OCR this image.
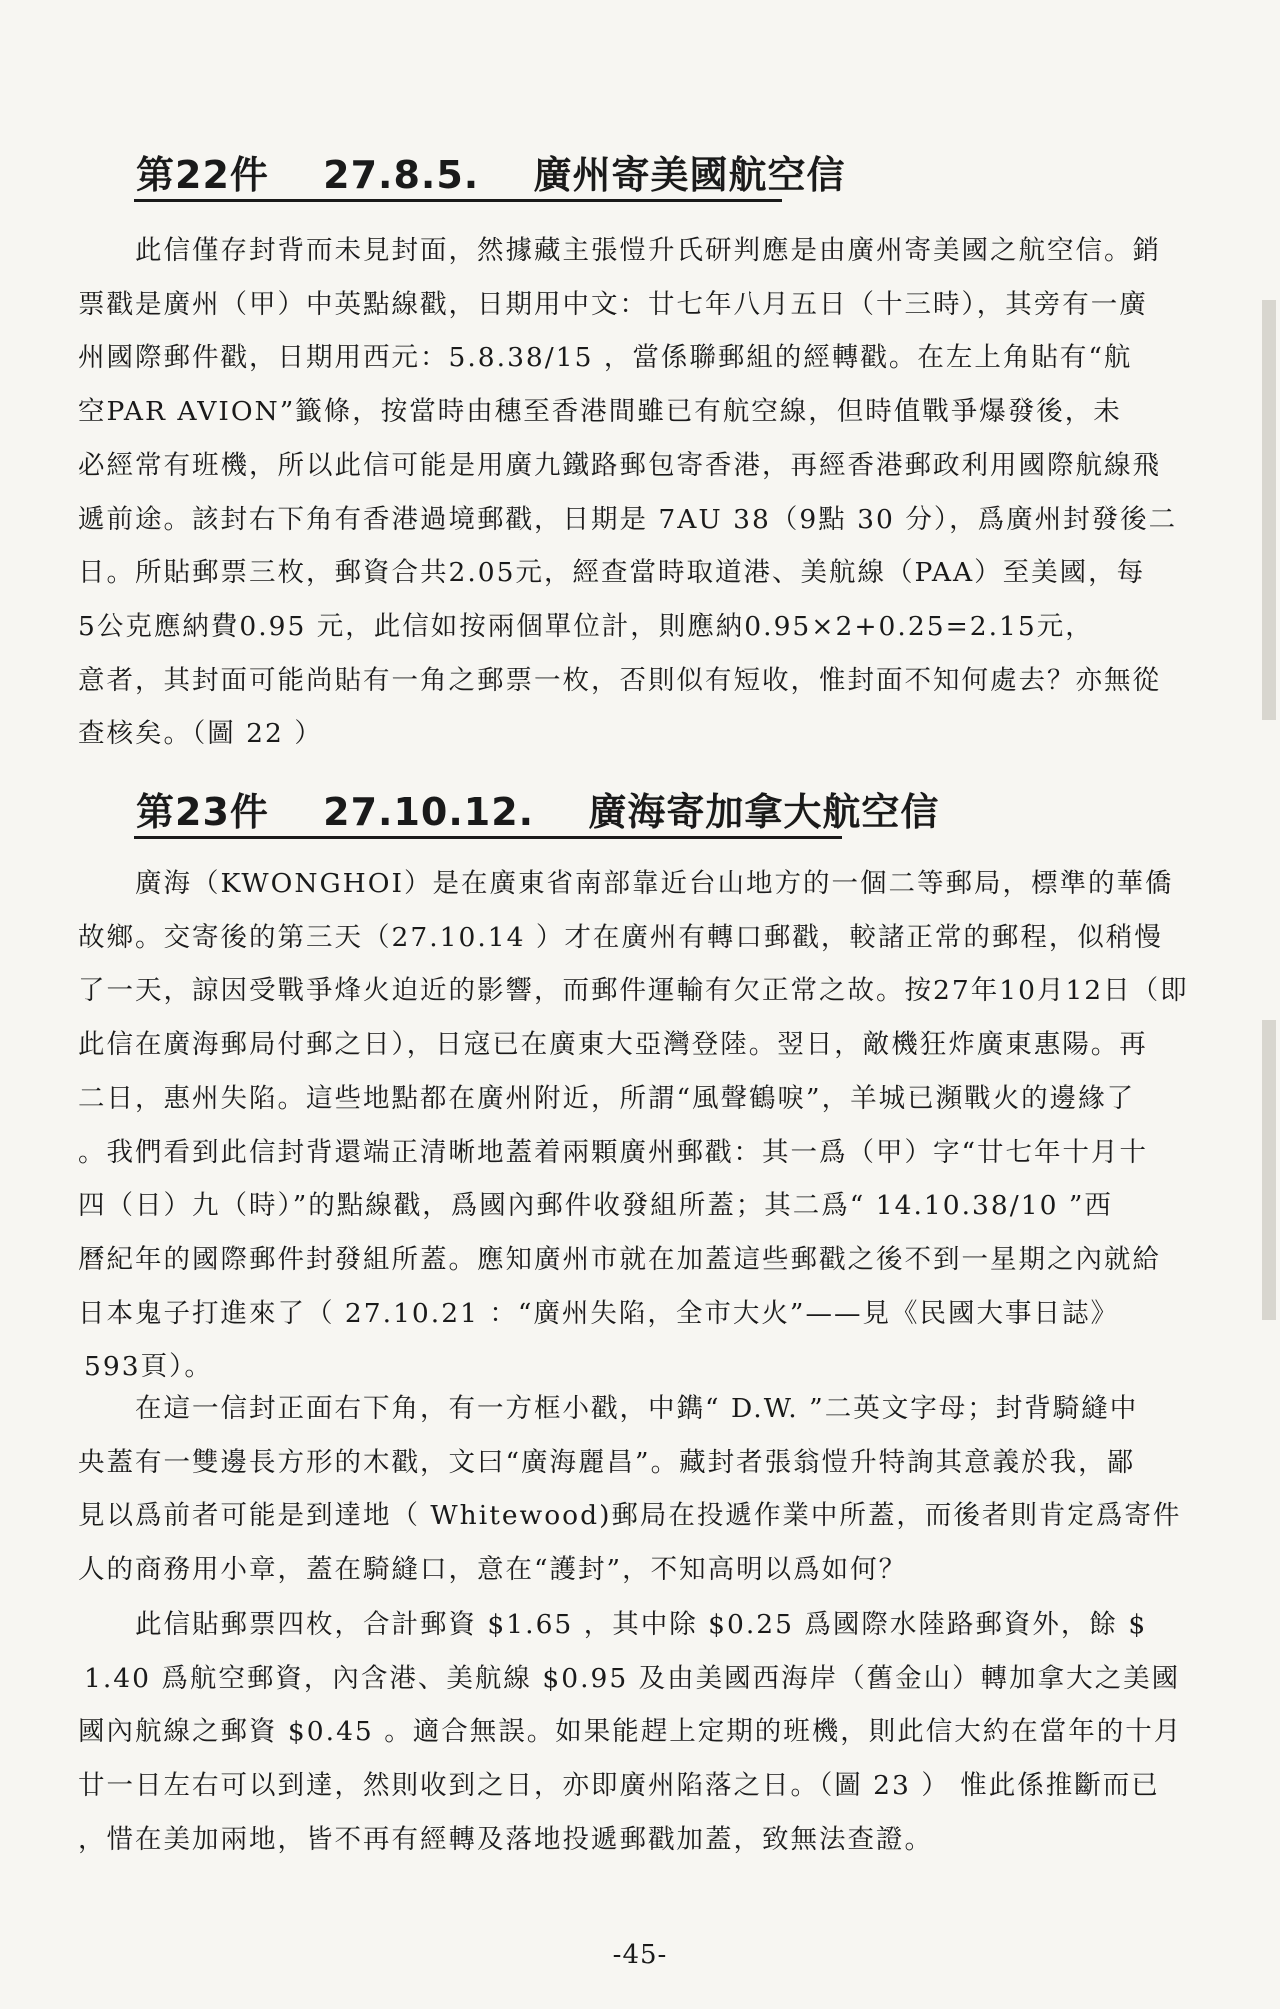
第22件 27.8.5. 廣州寄美國航空信
此信僅存封背而未見封面，然據藏主張愷升氏研判應是由廣州寄美國之航空信。銷
票戳是廣州（甲）中英點線戳，日期用中文：廿七年八月五日（十三時），其旁有一廣
州國際郵件戳，日期用西元：5.8.38/15 ，當係聯郵組的經轉戳。在左上角貼有“航
空PAR AVION”籤條，按當時由穗至香港間雖已有航空線，但時值戰爭爆發後，未
必經常有班機，所以此信可能是用廣九鐵路郵包寄香港，再經香港郵政利用國際航線飛
遞前途。該封右下角有香港過境郵戳，日期是 7AU 38（9點 30 分），爲廣州封發後二
日。所貼郵票三枚，郵資合共2.05元，經查當時取道港、美航線（PAA）至美國，每
5公克應納費0.95 元，此信如按兩個單位計，則應納0.95×2+0.25=2.15元，
意者，其封面可能尚貼有一角之郵票一枚，否則似有短收，惟封面不知何處去？亦無從
查核矣。（圖 22 ）
第23件 27.10.12. 廣海寄加拿大航空信
廣海（KWONGHOI）是在廣東省南部靠近台山地方的一個二等郵局，標準的華僑
故鄉。交寄後的第三天（27.10.14 ）才在廣州有轉口郵戳，較諸正常的郵程，似稍慢
了一天，諒因受戰爭烽火迫近的影響，而郵件運輸有欠正常之故。按27年10月12日（即
此信在廣海郵局付郵之日），日寇已在廣東大亞灣登陸。翌日，敵機狂炸廣東惠陽。再
二日，惠州失陷。這些地點都在廣州附近，所謂“風聲鶴唳”，羊城已瀕戰火的邊緣了
。我們看到此信封背還端正清晰地蓋着兩顆廣州郵戳：其一爲（甲）字“廿七年十月十
四（日）九（時）”的點線戳，爲國內郵件收發組所蓋；其二爲“ 14.10.38/10 ”西
曆紀年的國際郵件封發組所蓋。應知廣州市就在加蓋這些郵戳之後不到一星期之內就給
日本鬼子打進來了（ 27.10.21 ：“廣州失陷，全市大火”——見《民國大事日誌》
593頁）。
在這一信封正面右下角，有一方框小戳，中鐫“ D.W. ”二英文字母；封背騎縫中
央蓋有一雙邊長方形的木戳，文曰“廣海麗昌”。藏封者張翁愷升特詢其意義於我，鄙
見以爲前者可能是到達地（ Whitewood)郵局在投遞作業中所蓋，而後者則肯定爲寄件
人的商務用小章，蓋在騎縫口，意在“護封”，不知高明以爲如何？
此信貼郵票四枚，合計郵資 $1.65 ，其中除 $0.25 爲國際水陸路郵資外，餘 $
1.40 爲航空郵資，內含港、美航線 $0.95 及由美國西海岸（舊金山）轉加拿大之美國
國內航線之郵資 $0.45 。適合無誤。如果能趕上定期的班機，則此信大約在當年的十月
廿一日左右可以到達，然則收到之日，亦即廣州陷落之日。（圖 23 ） 惟此係推斷而已
，惜在美加兩地，皆不再有經轉及落地投遞郵戳加蓋，致無法查證。
-45-
